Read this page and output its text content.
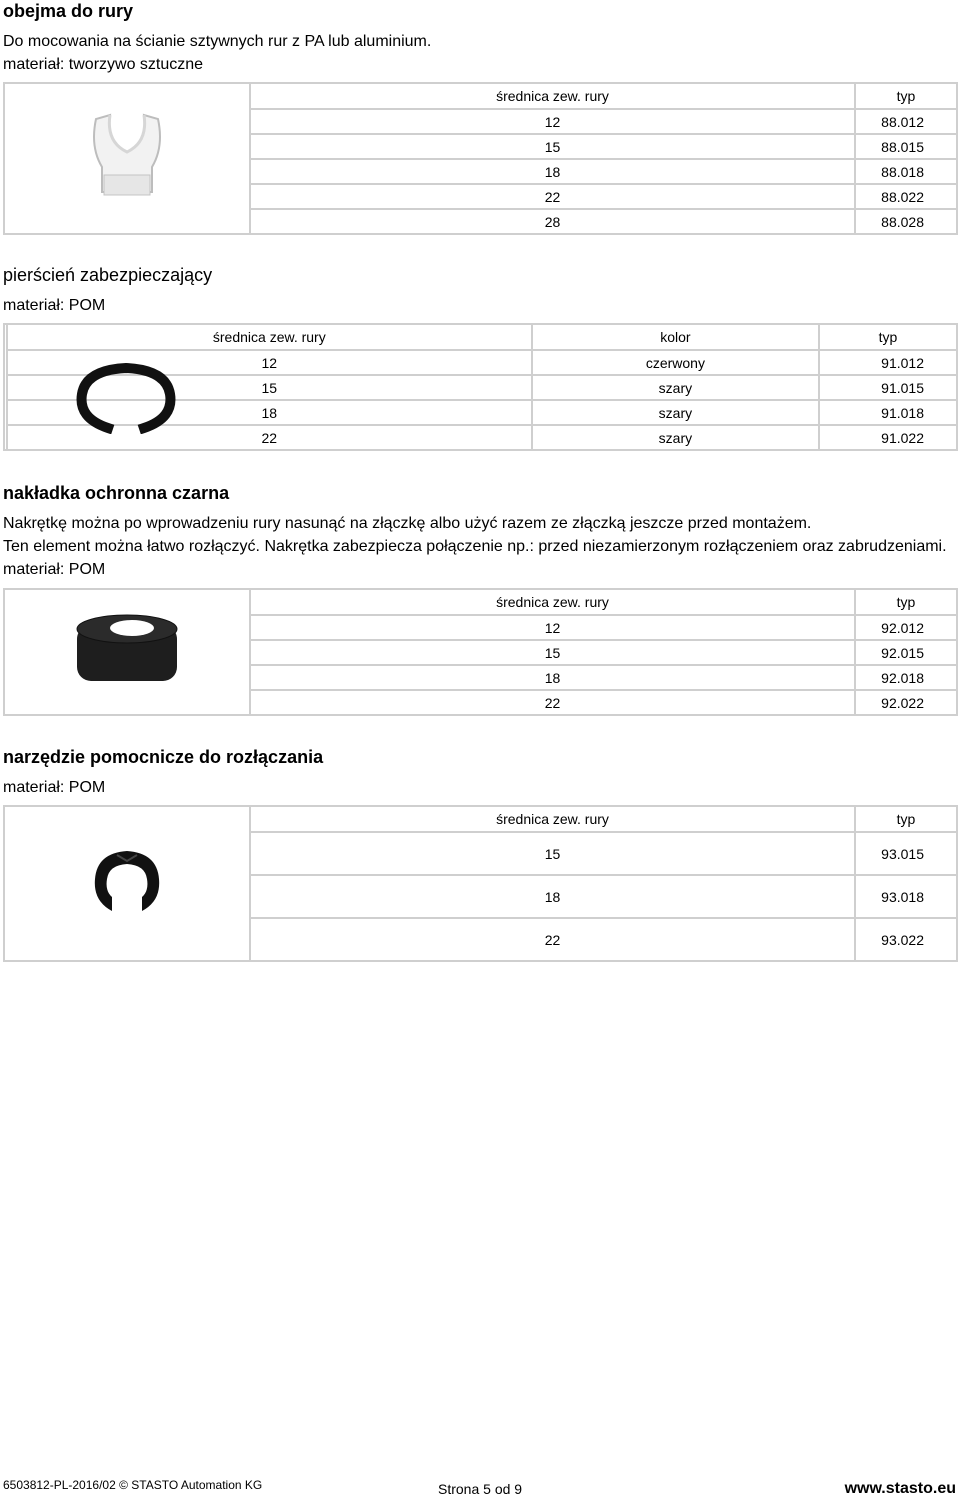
obejma do rury

Do mocowania na ścianie sztywnych rur z PA lub aluminium.

materiał: tworzywo sztuczne

	średnica zew. rury	typ
	12	88.012
	15	88.015
	18	88.018
	22	88.022
	28	88.028

pierścień zabezpieczający

materiał: POM

	średnica zew. rury	kolor	typ
	12	czerwony	91.012
	15	szary	91.015
	18	szary	91.018
	22	szary	91.022

nakładka ochronna czarna

Nakrętkę można po wprowadzeniu rury nasunąć na złączkę albo użyć razem ze złączką jeszcze przed montażem.

Ten element można łatwo rozłączyć. Nakrętka zabezpiecza połączenie np.: przed niezamierzonym rozłączeniem oraz zabrudzeniami.

materiał: POM

	średnica zew. rury	typ
	12	92.012
	15	92.015
	18	92.018
	22	92.022

narzędzie pomocnicze do rozłączania

materiał: POM

	średnica zew. rury	typ
	15	93.015
	18	93.018
	22	93.022
6503812-PL-2016/02 © STASTO Automation KG	Strona 5 od 9	www.stasto.eu
